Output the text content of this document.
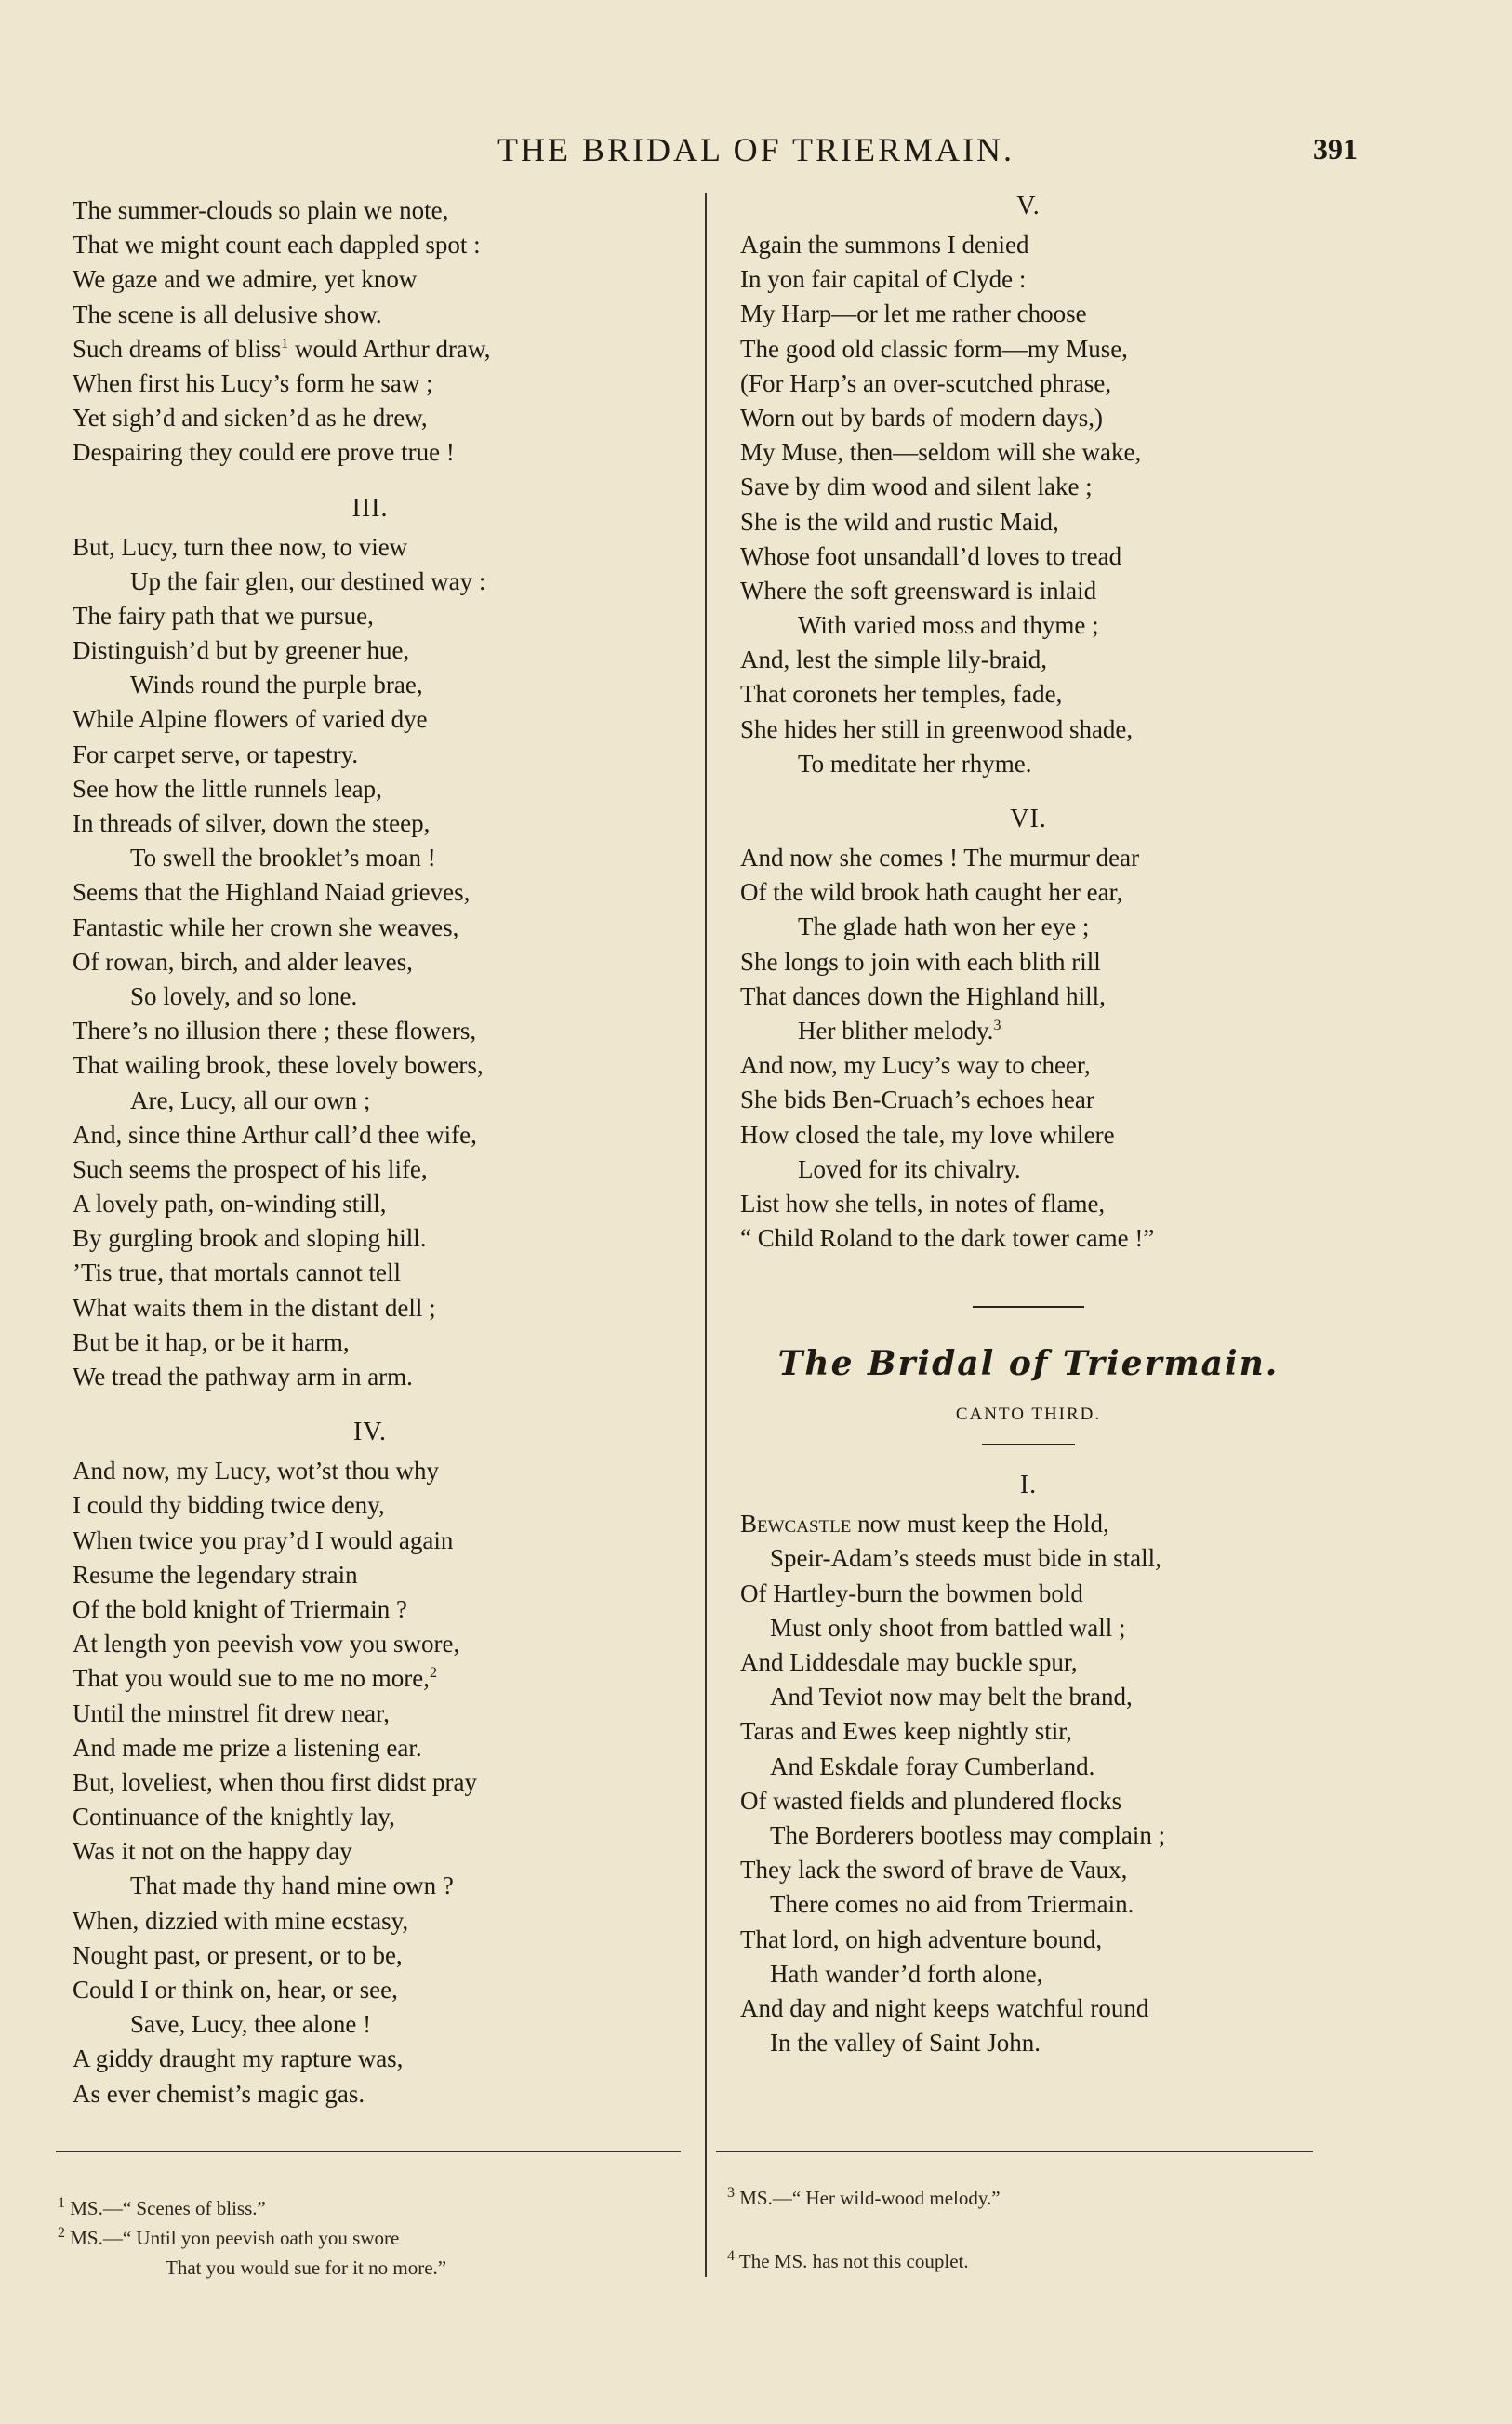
THE BRIDAL OF TRIERMAIN.	391
The summer-clouds so plain we note,
That we might count each dappled spot :
We gaze and we admire, yet know
The scene is all delusive show.
Such dreams of bliss$^1$ would Arthur draw,
When first his Lucy’s form he saw ;
Yet sigh’d and sicken’d as he drew,
Despairing they could ere prove true !
III.
But, Lucy, turn thee now, to view
Up the fair glen, our destined way :
The fairy path that we pursue,
Distinguish’d but by greener hue,
Winds round the purple brae,
While Alpine flowers of varied dye
For carpet serve, or tapestry.
See how the little runnels leap,
In threads of silver, down the steep,
To swell the brooklet’s moan !
Seems that the Highland Naiad grieves,
Fantastic while her crown she weaves,
Of rowan, birch, and alder leaves,
So lovely, and so lone.
There’s no illusion there ; these flowers,
That wailing brook, these lovely bowers,
Are, Lucy, all our own ;
And, since thine Arthur call’d thee wife,
Such seems the prospect of his life,
A lovely path, on-winding still,
By gurgling brook and sloping hill.
’Tis true, that mortals cannot tell
What waits them in the distant dell ;
But be it hap, or be it harm,
We tread the pathway arm in arm.
IV.
And now, my Lucy, wot’st thou why
I could thy bidding twice deny,
When twice you pray’d I would again
Resume the legendary strain
Of the bold knight of Triermain ?
At length yon peevish vow you swore,
That you would sue to me no more,$^2$
Until the minstrel fit drew near,
And made me prize a listening ear.
But, loveliest, when thou first didst pray
Continuance of the knightly lay,
Was it not on the happy day
That made thy hand mine own ?
When, dizzied with mine ecstasy,
Nought past, or present, or to be,
Could I or think on, hear, or see,
Save, Lucy, thee alone !
A giddy draught my rapture was,
As ever chemist’s magic gas.
V.
Again the summons I denied
In yon fair capital of Clyde :
My Harp—or let me rather choose
The good old classic form—my Muse,
(For Harp’s an over-scutched phrase,
Worn out by bards of modern days,)
My Muse, then—seldom will she wake,
Save by dim wood and silent lake ;
She is the wild and rustic Maid,
Whose foot unsandall’d loves to tread
Where the soft greensward is inlaid
With varied moss and thyme ;
And, lest the simple lily-braid,
That coronets her temples, fade,
She hides her still in greenwood shade,
To meditate her rhyme.
VI.
And now she comes ! The murmur dear
Of the wild brook hath caught her ear,
The glade hath won her eye ;
She longs to join with each blith rill
That dances down the Highland hill,
Her blither melody.$^3$
And now, my Lucy’s way to cheer,
She bids Ben-Cruach’s echoes hear
How closed the tale, my love whilere
Loved for its chivalry.
List how she tells, in notes of flame,
“ Child Roland to the dark tower came !”
The Bridal of Triermain.
CANTO THIRD.
I.
Bewcastle now must keep the Hold,
Speir-Adam’s steeds must bide in stall,
Of Hartley-burn the bowmen bold
Must only shoot from battled wall ;
And Liddesdale may buckle spur,
And Teviot now may belt the brand,
Taras and Ewes keep nightly stir,
And Eskdale foray Cumberland.
Of wasted fields and plundered flocks
The Borderers bootless may complain ;
They lack the sword of brave de Vaux,
There comes no aid from Triermain.
That lord, on high adventure bound,
Hath wander’d forth alone,
And day and night keeps watchful round
In the valley of Saint John.
$^1$ MS.—“ Scenes of bliss.”
$^2$ MS.—“ Until yon peevish oath you swore
That you would sue for it no more.”
$^3$ MS.—“ Her wild-wood melody.”
$^4$ The MS. has not this couplet.
